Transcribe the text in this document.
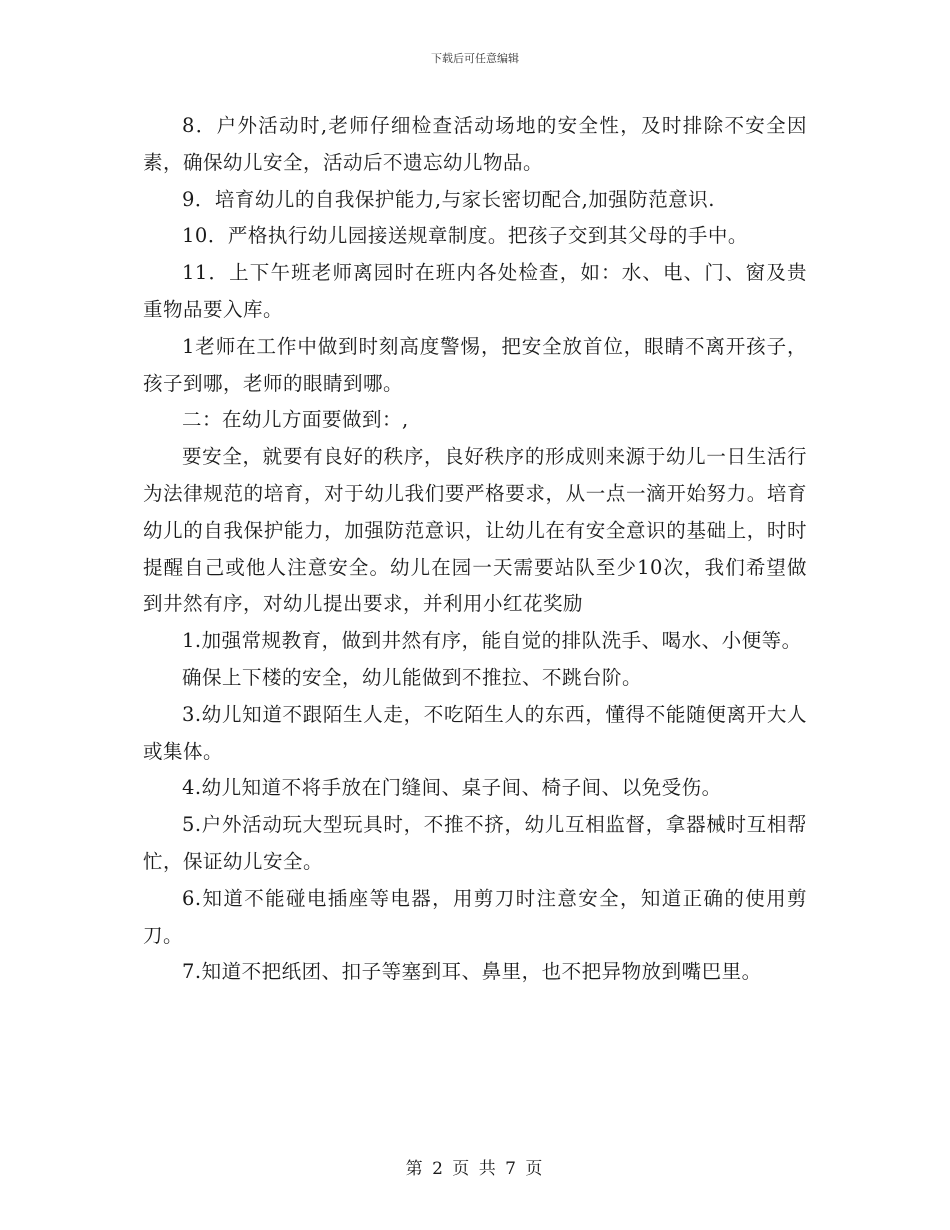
下载后可任意编辑

8．户外活动时,老师仔细检查活动场地的安全性，及时排除不安全因素，确保幼儿安全，活动后不遗忘幼儿物品。

9．培育幼儿的自我保护能力,与家长密切配合,加强防范意识.

10．严格执行幼儿园接送规章制度。把孩子交到其父母的手中。

11．上下午班老师离园时在班内各处检查，如：水、电、门、窗及贵重物品要入库。

1老师在工作中做到时刻高度警惕，把安全放首位，眼睛不离开孩子，孩子到哪，老师的眼睛到哪。

二：在幼儿方面要做到：,

要安全，就要有良好的秩序，良好秩序的形成则来源于幼儿一日生活行为法律规范的培育，对于幼儿我们要严格要求，从一点一滴开始努力。培育幼儿的自我保护能力，加强防范意识，让幼儿在有安全意识的基础上，时时提醒自己或他人注意安全。幼儿在园一天需要站队至少10次，我们希望做到井然有序，对幼儿提出要求，并利用小红花奖励

1.加强常规教育，做到井然有序，能自觉的排队洗手、喝水、小便等。

确保上下楼的安全，幼儿能做到不推拉、不跳台阶。

3.幼儿知道不跟陌生人走，不吃陌生人的东西，懂得不能随便离开大人或集体。

4.幼儿知道不将手放在门缝间、桌子间、椅子间、以免受伤。

5.户外活动玩大型玩具时，不推不挤，幼儿互相监督，拿器械时互相帮忙，保证幼儿安全。

6.知道不能碰电插座等电器，用剪刀时注意安全，知道正确的使用剪刀。

7.知道不把纸团、扣子等塞到耳、鼻里，也不把异物放到嘴巴里。

第 2 页 共 7 页
